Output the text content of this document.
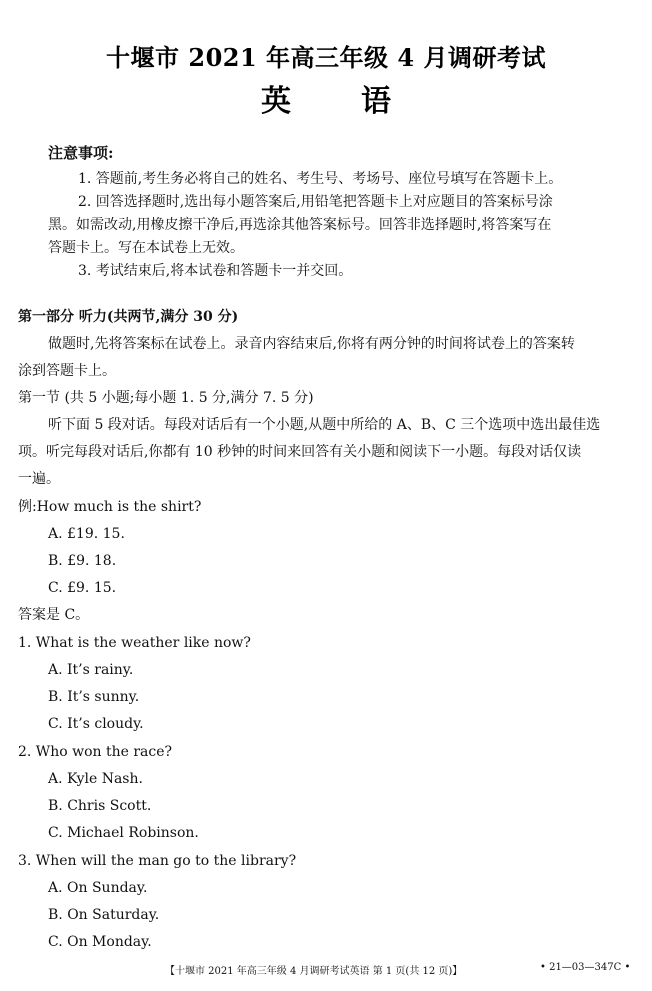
十堰市 2021 年高三年级 4 月调研考试
英 语
注意事项:
1. 答题前,考生务必将自己的姓名、考生号、考场号、座位号填写在答题卡上。
2. 回答选择题时,选出每小题答案后,用铅笔把答题卡上对应题目的答案标号涂
黑。如需改动,用橡皮擦干净后,再选涂其他答案标号。回答非选择题时,将答案写在
答题卡上。写在本试卷上无效。
3. 考试结束后,将本试卷和答题卡一并交回。
第一部分 听力(共两节,满分 30 分)
做题时,先将答案标在试卷上。录音内容结束后,你将有两分钟的时间将试卷上的答案转
涂到答题卡上。
第一节 (共 5 小题;每小题 1. 5 分,满分 7. 5 分)
听下面 5 段对话。每段对话后有一个小题,从题中所给的 A、B、C 三个选项中选出最佳选
项。听完每段对话后,你都有 10 秒钟的时间来回答有关小题和阅读下一小题。每段对话仅读
一遍。
例:How much is the shirt?
A. £19. 15.
B. £9. 18.
C. £9. 15.
答案是 C。
1. What is the weather like now?
A. It’s rainy.
B. It’s sunny.
C. It’s cloudy.
2. Who won the race?
A. Kyle Nash.
B. Chris Scott.
C. Michael Robinson.
3. When will the man go to the library?
A. On Sunday.
B. On Saturday.
C. On Monday.
【十堰市 2021 年高三年级 4 月调研考试英语 第 1 页(共 12 页)】	• 21—03—347C •
